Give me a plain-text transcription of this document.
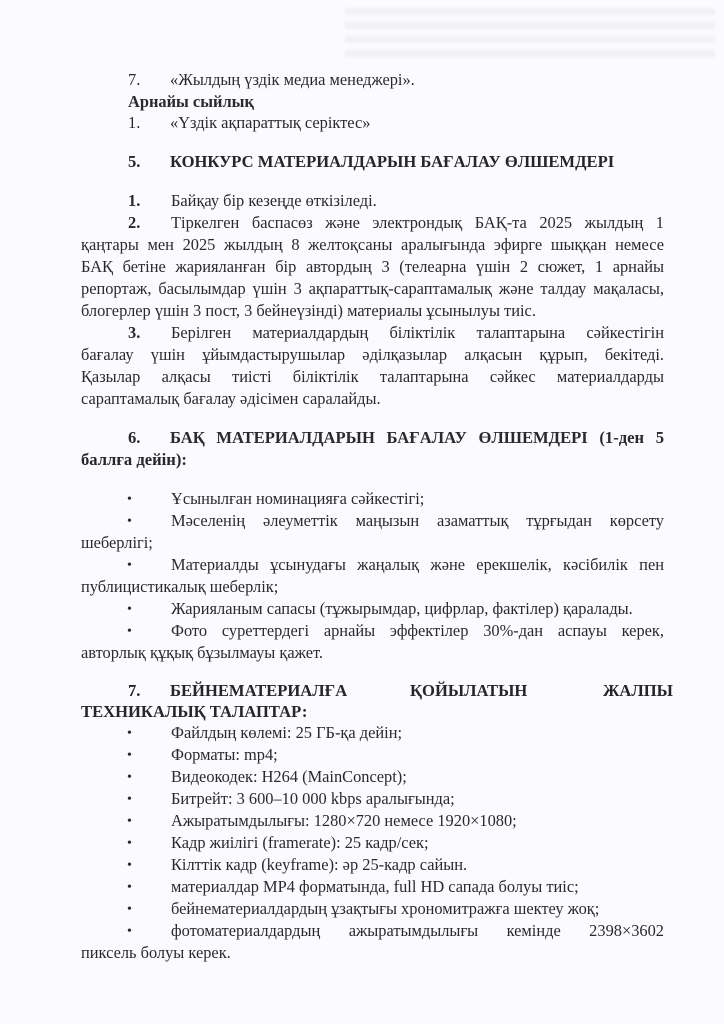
7. «Жылдың үздік медиа менеджері».
Арнайы сыйлық
1. «Үздік ақпараттық серіктес»
5. КОНКУРС МАТЕРИАЛДАРЫН БАҒАЛАУ ӨЛШЕМДЕРІ
1. Байқау бір кезеңде өткізіледі.
2. Тіркелген баспасөз және электрондық БАҚ-та 2025 жылдың 1
қаңтары мен 2025 жылдың 8 желтоқсаны аралығында эфирге шыққан немесе
БАҚ бетіне жарияланған бір автордың 3 (телеарна үшін 2 сюжет, 1 арнайы
репортаж, басылымдар үшін 3 ақпараттық-сараптамалық және талдау мақаласы,
блогерлер үшін 3 пост, 3 бейнеүзінді) материалы ұсынылуы тиіс.
3. Берілген материалдардың біліктілік талаптарына сәйкестігін
бағалау үшін ұйымдастырушылар әділқазылар алқасын құрып, бекітеді.
Қазылар алқасы тиісті біліктілік талаптарына сәйкес материалдарды
сараптамалық бағалау әдісімен саралайды.
6. БАҚ МАТЕРИАЛДАРЫН БАҒАЛАУ ӨЛШЕМДЕРІ (1-ден 5
баллға дейін):
• Ұсынылған номинацияға сәйкестігі;
• Мәселенің әлеуметтік маңызын азаматтық тұрғыдан көрсету
шеберлігі;
• Материалды ұсынудағы жаңалық және ерекшелік, кәсібилік пен
публицистикалық шеберлік;
• Жарияланым сапасы (тұжырымдар, цифрлар, фактілер) қаралады.
• Фото суреттердегі арнайы эффектілер 30%-дан аспауы керек,
авторлық құқық бұзылмауы қажет.
7. БЕЙНЕМАТЕРИАЛҒА	ҚОЙЫЛАТЫН	ЖАЛПЫ
ТЕХНИКАЛЫҚ ТАЛАПТАР:
• Файлдың көлемі: 25 ГБ-қа дейін;
• Форматы: mp4;
• Видеокодек: H264 (MainConcept);
• Битрейт: 3 600–10 000 kbps аралығында;
• Ажыратымдылығы: 1280×720 немесе 1920×1080;
• Кадр жиілігі (framerate): 25 кадр/сек;
• Кілттік кадр (keyframe): әр 25-кадр сайын.
• материалдар MP4 форматында, full HD сапада болуы тиіс;
• бейнематериалдардың ұзақтығы хрономитражға шектеу жоқ;
• фотоматериалдардың ажыратымдылығы кемінде 2398×3602
пиксель болуы керек.
